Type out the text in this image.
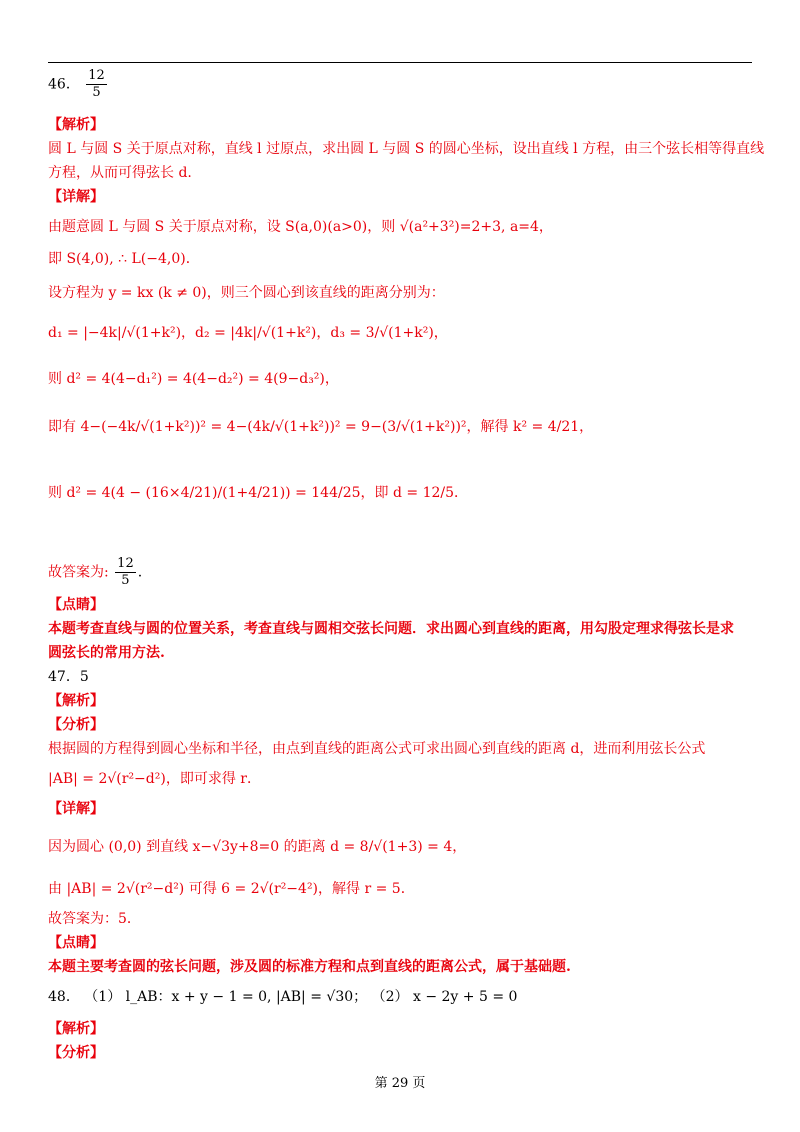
46． $\frac{12}{5}$
【解析】
圆 L 与圆 S 关于原点对称，直线 l 过原点，求出圆 L 与圆 S 的圆心坐标，设出直线 l 方程，由三个弦长相等得直线
方程，从而可得弦长 d.
【详解】
由题意圆 L 与圆 S 关于原点对称，设 S(a,0)(a>0)，则 √(a²+3²)=2+3, a=4，
即 S(4,0), ∴ L(−4,0)．
设方程为 y = kx (k ≠ 0)，则三个圆心到该直线的距离分别为：
d₁ = |−4k|/√(1+k²)，d₂ = |4k|/√(1+k²)，d₃ = 3/√(1+k²)，
则 d² = 4(4−d₁²) = 4(4−d₂²) = 4(9−d₃²)，
即有 4−(−4k/√(1+k²))² = 4−(4k/√(1+k²))² = 9−(3/√(1+k²))²，解得 k² = 4/21，
则 d² = 4(4 − (16×4/21)/(1+4/21)) = 144/25，即 d = 12/5．
故答案为: $\frac{12}{5}$ .
【点睛】
本题考查直线与圆的位置关系，考查直线与圆相交弦长问题．求出圆心到直线的距离，用勾股定理求得弦长是求
圆弦长的常用方法.
47．5
【解析】
【分析】
根据圆的方程得到圆心坐标和半径，由点到直线的距离公式可求出圆心到直线的距离 d，进而利用弦长公式
|AB| = 2√(r²−d²)，即可求得 r．
【详解】
因为圆心 (0,0) 到直线 x−√3y+8=0 的距离 d = 8/√(1+3) = 4，
由 |AB| = 2√(r²−d²) 可得 6 = 2√(r²−4²)，解得 r = 5．
故答案为：5．
【点睛】
本题主要考查圆的弦长问题，涉及圆的标准方程和点到直线的距离公式，属于基础题.
48． （1） l_AB：x + y − 1 = 0, |AB| = √30； （2） x − 2y + 5 = 0
【解析】
【分析】
第 29 页
